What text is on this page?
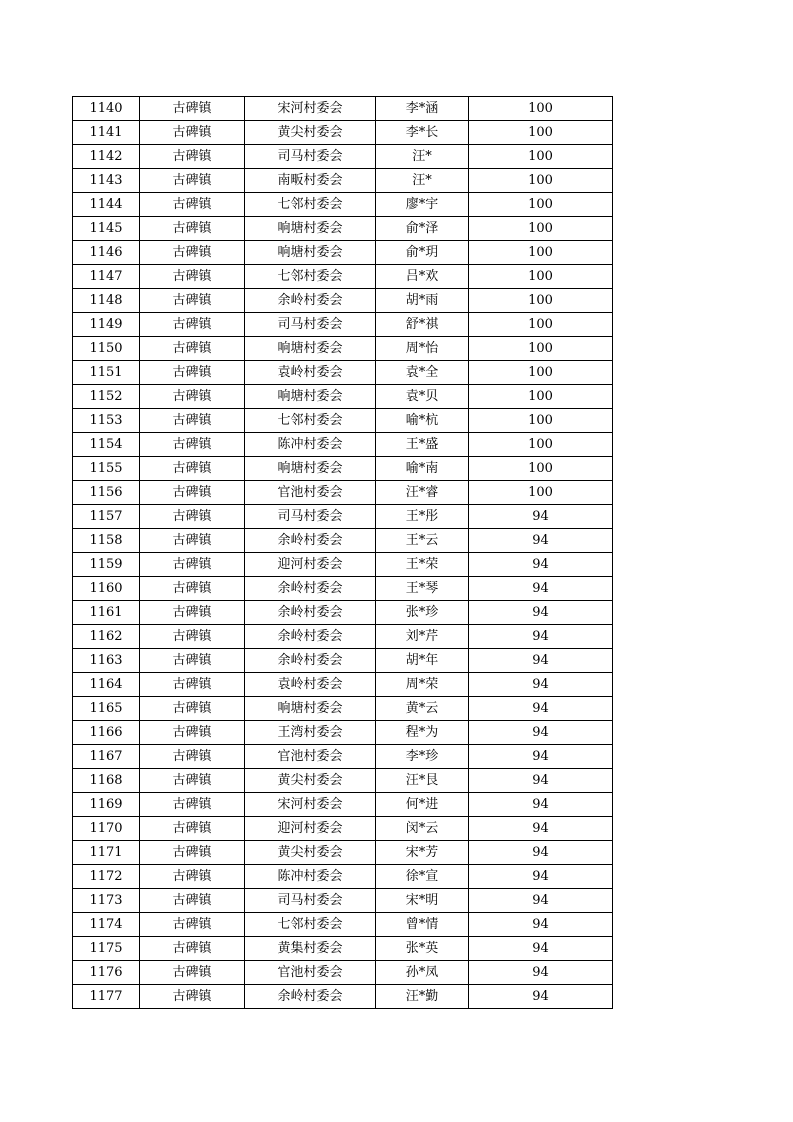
1140	古碑镇	宋河村委会	李*涵	100
1141	古碑镇	黄尖村委会	李*长	100
1142	古碑镇	司马村委会	汪*	100
1143	古碑镇	南畈村委会	汪*	100
1144	古碑镇	七邻村委会	廖*宇	100
1145	古碑镇	响塘村委会	俞*泽	100
1146	古碑镇	响塘村委会	俞*玥	100
1147	古碑镇	七邻村委会	吕*欢	100
1148	古碑镇	余岭村委会	胡*雨	100
1149	古碑镇	司马村委会	舒*祺	100
1150	古碑镇	响塘村委会	周*怡	100
1151	古碑镇	袁岭村委会	袁*全	100
1152	古碑镇	响塘村委会	袁*贝	100
1153	古碑镇	七邻村委会	喻*杭	100
1154	古碑镇	陈冲村委会	王*盛	100
1155	古碑镇	响塘村委会	喻*南	100
1156	古碑镇	官池村委会	汪*睿	100
1157	古碑镇	司马村委会	王*彤	94
1158	古碑镇	余岭村委会	王*云	94
1159	古碑镇	迎河村委会	王*荣	94
1160	古碑镇	余岭村委会	王*琴	94
1161	古碑镇	余岭村委会	张*珍	94
1162	古碑镇	余岭村委会	刘*芹	94
1163	古碑镇	余岭村委会	胡*年	94
1164	古碑镇	袁岭村委会	周*荣	94
1165	古碑镇	响塘村委会	黄*云	94
1166	古碑镇	王湾村委会	程*为	94
1167	古碑镇	官池村委会	李*珍	94
1168	古碑镇	黄尖村委会	汪*艮	94
1169	古碑镇	宋河村委会	何*进	94
1170	古碑镇	迎河村委会	闵*云	94
1171	古碑镇	黄尖村委会	宋*芳	94
1172	古碑镇	陈冲村委会	徐*宣	94
1173	古碑镇	司马村委会	宋*明	94
1174	古碑镇	七邻村委会	曾*情	94
1175	古碑镇	黄集村委会	张*英	94
1176	古碑镇	官池村委会	孙*凤	94
1177	古碑镇	余岭村委会	汪*勤	94
